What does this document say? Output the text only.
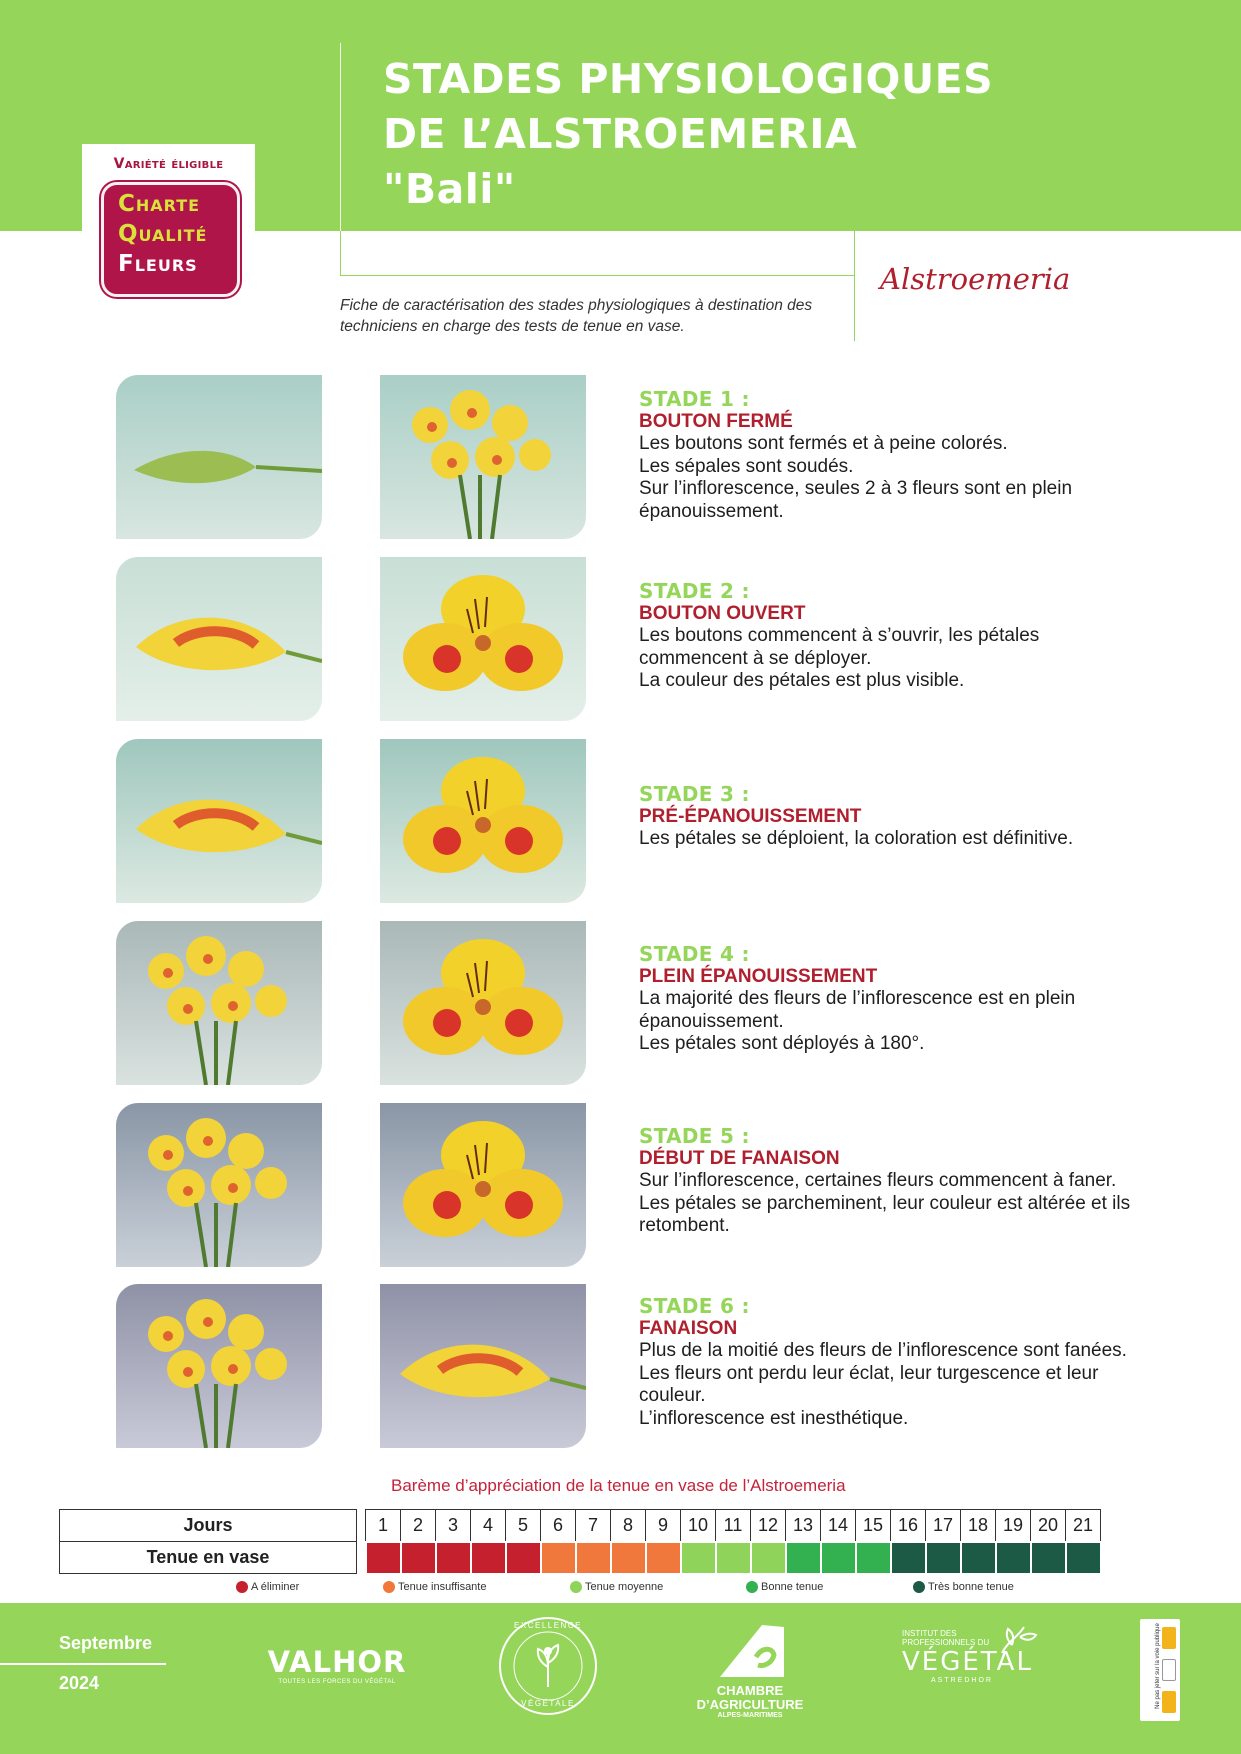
STADES PHYSIOLOGIQUES
DE L’ALSTROEMERIA
"Bali"
Variété éligible
Charte
Qualité
Fleurs	Alstroemeria
Fiche de caractérisation des stades physiologiques à destination des techniciens en charge des tests de tenue en vase.
STADE 1 :
BOUTON FERMÉ
Les boutons sont fermés et à peine colorés.
Les sépales sont soudés.
Sur l’inflorescence, seules 2 à 3 fleurs sont en plein
épanouissement.
STADE 2 :
BOUTON OUVERT
Les boutons commencent à s’ouvrir, les pétales
commencent à se déployer.
La couleur des pétales est plus visible.
STADE 3 :
PRÉ-ÉPANOUISSEMENT
Les pétales se déploient, la coloration est définitive.
STADE 4 :
PLEIN ÉPANOUISSEMENT
La majorité des fleurs de l’inflorescence est en plein
épanouissement.
Les pétales sont déployés à 180°.
STADE 5 :
DÉBUT DE FANAISON
Sur l’inflorescence, certaines fleurs commencent à faner.
Les pétales se parcheminent, leur couleur est altérée et ils
retombent.
STADE 6 :
FANAISON
Plus de la moitié des fleurs de l’inflorescence sont fanées.
Les fleurs ont perdu leur éclat, leur turgescence et leur
couleur.
L’inflorescence est inesthétique.
Barème d’appréciation de la tenue en vase de l’Alstroemeria
Jours		1	2	3	4	5	6	7	8	9	10	11	12	13	14	15	16	17	18	19	20	21
Tenue en vase																						
A éliminer	Tenue insuffisante	Tenue moyenne	Bonne tenue	Très bonne tenue
Septembre
2024
VALHOR
TOUTES LES FORCES DU VÉGÉTAL
EXCELLENCE
VÉGÉTALE
CHAMBRE
D’AGRICULTURE
ALPES-MARITIMES
INSTITUT DES
PROFESSIONNELS DU
VÉGÉTAL
ASTREDHOR	Ne pas jeter sur la voie publique
